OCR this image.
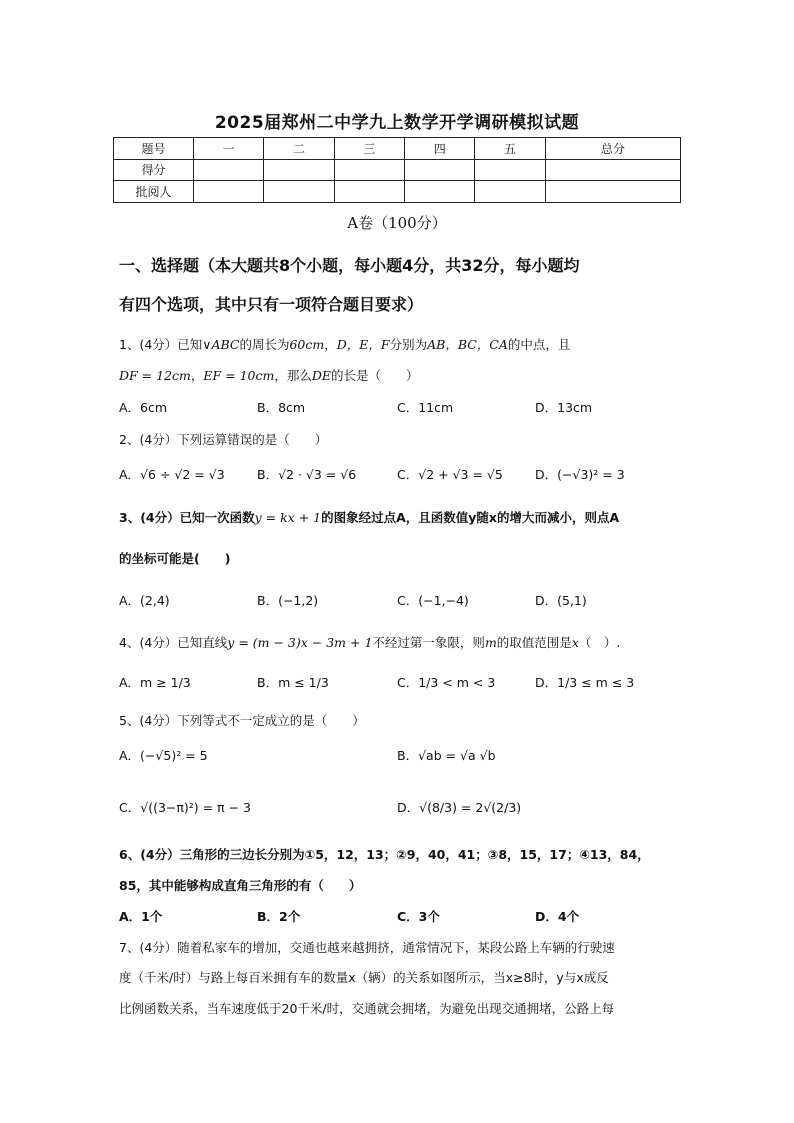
2025届郑州二中学九上数学开学调研模拟试题
题号	一	二	三	四	五	总分
得分						
批阅人						
A卷（100分）
一、选择题（本大题共8个小题，每小题4分，共32分，每小题均
有四个选项，其中只有一项符合题目要求）
1、(4分）已知∨ABC的周长为60cm，D，E，F分别为AB，BC，CA的中点，且
DF = 12cm，EF = 10cm，那么DE的长是（　　）
A．6cm	B．8cm	C．11cm	D．13cm
2、(4分）下列运算错误的是（　　）
A．√6 ÷ √2 = √3	B．√2 · √3 = √6	C．√2 + √3 = √5	D．(−√3)² = 3
3、(4分）已知一次函数y = kx + 1的图象经过点A，且函数值y随x的增大而减小，则点A
的坐标可能是(　　)
A．(2,4)	B．(−1,2)	C．(−1,−4)	D．(5,1)
4、(4分）已知直线y = (m − 3)x − 3m + 1不经过第一象限，则m的取值范围是x（　）.
A．m ≥ 1/3	B．m ≤ 1/3	C．1/3 < m < 3	D．1/3 ≤ m ≤ 3
5、(4分）下列等式不一定成立的是（　　）
A．(−√5)² = 5	B．√ab = √a √b
C．√((3−π)²) = π − 3	D．√(8/3) = 2√(2/3)
6、(4分）三角形的三边长分别为①5，12，13；②9，40，41；③8，15，17；④13，84，
85，其中能够构成直角三角形的有（　　）
A．1个	B．2个	C．3个	D．4个
7、(4分）随着私家车的增加，交通也越来越拥挤，通常情况下，某段公路上车辆的行驶速
度（千米/时）与路上每百米拥有车的数量x（辆）的关系如图所示，当x≥8时，y与x成反
比例函数关系，当车速度低于20千米/时，交通就会拥堵，为避免出现交通拥堵，公路上每
